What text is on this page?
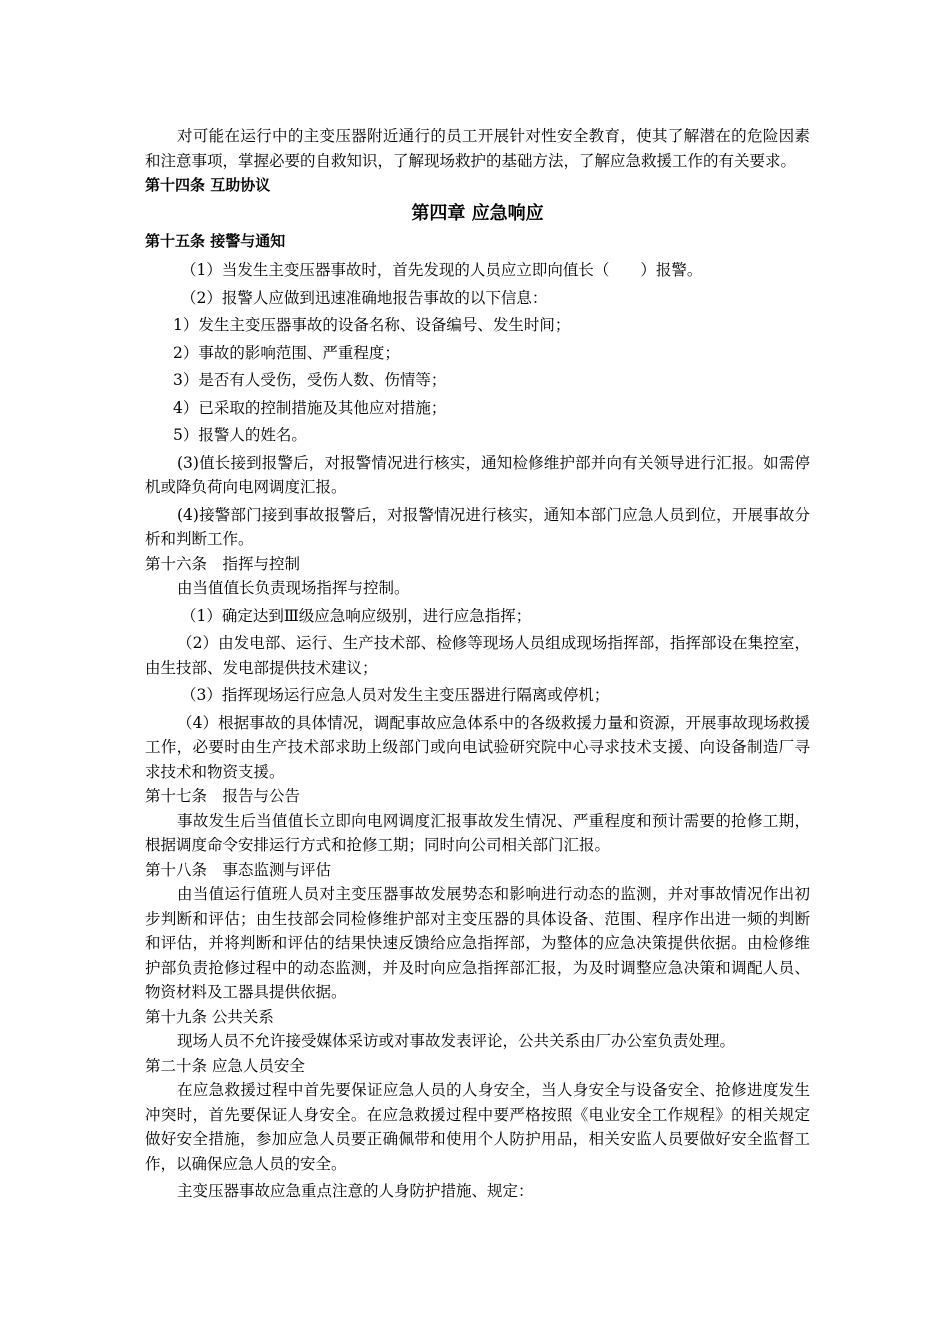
对可能在运行中的主变压器附近通行的员工开展针对性安全教育，使其了解潜在的危险因素和注意事项，掌握必要的自救知识，了解现场救护的基础方法，了解应急救援工作的有关要求。

第十四条 互助协议

第四章 应急响应

第十五条 接警与通知

（1）当发生主变压器事故时，首先发现的人员应立即向值长（　　）报警。

（2）报警人应做到迅速准确地报告事故的以下信息：

1）发生主变压器事故的设备名称、设备编号、发生时间；

2）事故的影响范围、严重程度；

3）是否有人受伤，受伤人数、伤情等；

4）已采取的控制措施及其他应对措施；

5）报警人的姓名。

(3)值长接到报警后，对报警情况进行核实，通知检修维护部并向有关领导进行汇报。如需停机或降负荷向电网调度汇报。

(4)接警部门接到事故报警后，对报警情况进行核实，通知本部门应急人员到位，开展事故分析和判断工作。

第十六条　指挥与控制

由当值值长负责现场指挥与控制。

（1）确定达到Ⅲ级应急响应级别，进行应急指挥；

（2）由发电部、运行、生产技术部、检修等现场人员组成现场指挥部，指挥部设在集控室，由生技部、发电部提供技术建议；

（3）指挥现场运行应急人员对发生主变压器进行隔离或停机；

（4）根据事故的具体情况，调配事故应急体系中的各级救援力量和资源，开展事故现场救援工作，必要时由生产技术部求助上级部门或向电试验研究院中心寻求技术支援、向设备制造厂寻求技术和物资支援。

第十七条　报告与公告

事故发生后当值值长立即向电网调度汇报事故发生情况、严重程度和预计需要的抢修工期，根据调度命令安排运行方式和抢修工期；同时向公司相关部门汇报。

第十八条　事态监测与评估

由当值运行值班人员对主变压器事故发展势态和影响进行动态的监测，并对事故情况作出初步判断和评估；由生技部会同检修维护部对主变压器的具体设备、范围、程序作出进一频的判断和评估，并将判断和评估的结果快速反馈给应急指挥部，为整体的应急决策提供依据。由检修维护部负责抢修过程中的动态监测，并及时向应急指挥部汇报，为及时调整应急决策和调配人员、物资材料及工器具提供依据。

第十九条 公共关系

现场人员不允许接受媒体采访或对事故发表评论，公共关系由厂办公室负责处理。

第二十条 应急人员安全

在应急救援过程中首先要保证应急人员的人身安全，当人身安全与设备安全、抢修进度发生冲突时，首先要保证人身安全。在应急救援过程中要严格按照《电业安全工作规程》的相关规定做好安全措施，参加应急人员要正确佩带和使用个人防护用品，相关安监人员要做好安全监督工作，以确保应急人员的安全。

主变压器事故应急重点注意的人身防护措施、规定：
